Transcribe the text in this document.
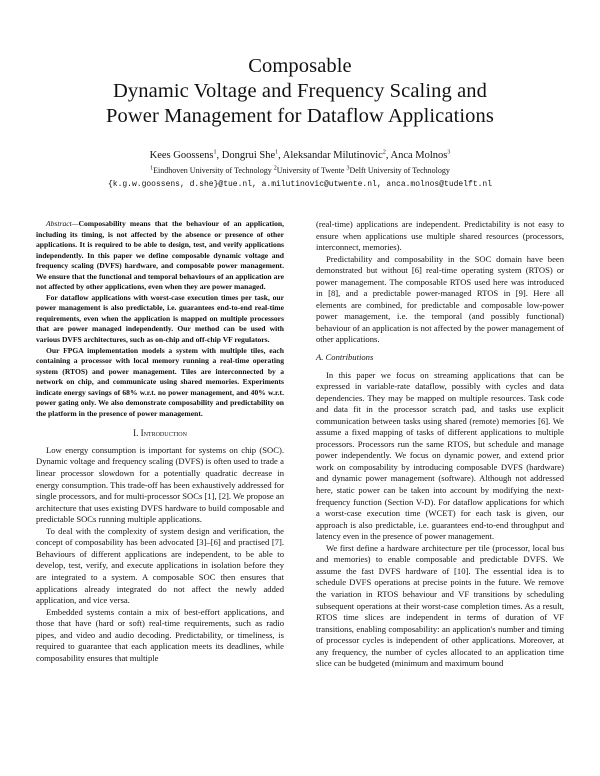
Composable
Dynamic Voltage and Frequency Scaling and
Power Management for Dataflow Applications
Kees Goossens$^1$, Dongrui She$^1$, Aleksandar Milutinovic$^2$, Anca Molnos$^3$
$^1$Eindhoven University of Technology $^2$University of Twente $^3$Delft University of Technology
{k.g.w.goossens, d.she}@tue.nl, a.milutinovic@utwente.nl, anca.molnos@tudelft.nl

Abstract—Composability means that the behaviour of an application, including its timing, is not affected by the absence or presence of other applications. It is required to be able to design, test, and verify applications independently. In this paper we define composable dynamic voltage and frequency scaling (DVFS) hardware, and composable power management. We ensure that the functional and temporal behaviours of an application are not affected by other applications, even when they are power managed.

For dataflow applications with worst-case execution times per task, our power management is also predictable, i.e. guarantees end-to-end real-time requirements, even when the application is mapped on multiple processors that are power managed independently. Our method can be used with various DVFS architectures, such as on-chip and off-chip VF regulators.

Our FPGA implementation models a system with multiple tiles, each containing a processor with local memory running a real-time operating system (RTOS) and power management. Tiles are interconnected by a network on chip, and communicate using shared memories. Experiments indicate energy savings of 68% w.r.t. no power management, and 40% w.r.t. power gating only. We also demonstrate composability and predictability on the platform in the presence of power management.

I. Introduction

Low energy consumption is important for systems on chip (SOC). Dynamic voltage and frequency scaling (DVFS) is often used to trade a linear processor slowdown for a potentially quadratic decrease in energy consumption. This trade-off has been exhaustively addressed for single processors, and for multi-processor SOCs [1], [2]. We propose an architecture that uses existing DVFS hardware to build composable and predictable SOCs running multiple applications.

To deal with the complexity of system design and verification, the concept of composability has been advocated [3]–[6] and practised [7]. Behaviours of different applications are independent, to be able to develop, test, verify, and execute applications in isolation before they are integrated to a system. A composable SOC then ensures that applications already integrated do not affect the newly added application, and vice versa.

Embedded systems contain a mix of best-effort applications, and those that have (hard or soft) real-time requirements, such as radio pipes, and video and audio decoding. Predictability, or timeliness, is required to guarantee that each application meets its deadlines, while composability ensures that multiple

(real-time) applications are independent. Predictability is not easy to ensure when applications use multiple shared resources (processors, interconnect, memories).

Predictability and composability in the SOC domain have been demonstrated but without [6] real-time operating system (RTOS) or power management. The composable RTOS used here was introduced in [8], and a predictable power-managed RTOS in [9]. Here all elements are combined, for predictable and composable low-power power management, i.e. the temporal (and possibly functional) behaviour of an application is not affected by the power management of other applications.

A. Contributions

In this paper we focus on streaming applications that can be expressed in variable-rate dataflow, possibly with cycles and data dependencies. They may be mapped on multiple resources. Task code and data fit in the processor scratch pad, and tasks use explicit communication between tasks using shared (remote) memories [6]. We assume a fixed mapping of tasks of different applications to multiple processors. Processors run the same RTOS, but schedule and manage power independently. We focus on dynamic power, and extend prior work on composability by introducing composable DVFS (hardware) and dynamic power management (software). Although not addressed here, static power can be taken into account by modifying the next-frequency function (Section V-D). For dataflow applications for which a worst-case execution time (WCET) for each task is given, our approach is also predictable, i.e. guarantees end-to-end throughput and latency even in the presence of power management.

We first define a hardware architecture per tile (processor, local bus and memories) to enable composable and predictable DVFS. We assume the fast DVFS hardware of [10]. The essential idea is to schedule DVFS operations at precise points in the future. We remove the variation in RTOS behaviour and VF transitions by scheduling subsequent operations at their worst-case completion times. As a result, RTOS time slices are independent in terms of duration of VF transitions, enabling composability: an application's number and timing of processor cycles is independent of other applications. Moreover, at any frequency, the number of cycles allocated to an application time slice can be budgeted (minimum and maximum bound
